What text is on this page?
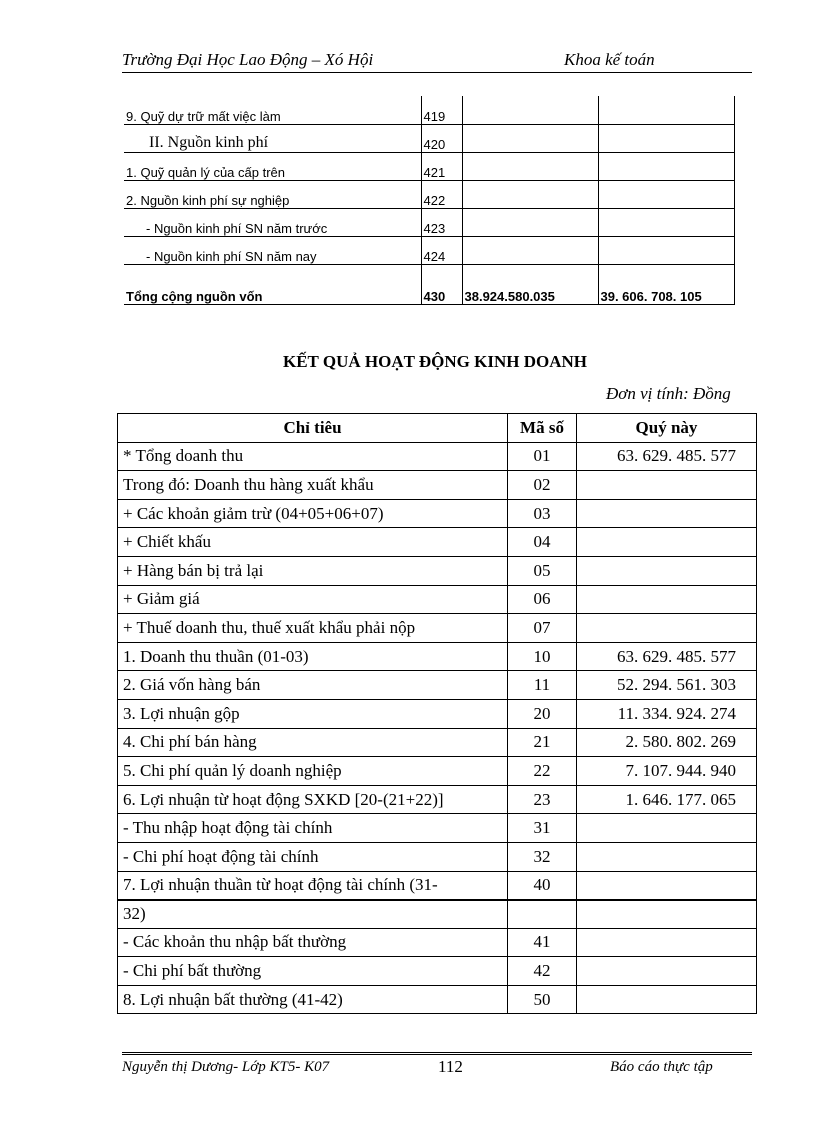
Trường Đại Học Lao Động – Xó Hội	Khoa kế toán
9. Quỹ dự trữ mất việc làm	419		
II. Nguồn kinh phí	420		
1. Quỹ quản lý của cấp trên	421		
2. Nguồn kinh phí sự nghiệp	422		
- Nguồn kinh phí SN năm trước	423		
- Nguồn kinh phí SN năm nay	424		
Tổng cộng nguồn vốn	430	38.924.580.035	39. 606. 708. 105
KẾT QUẢ HOẠT ĐỘNG KINH DOANH
Đơn vị tính: Đồng
Chỉ tiêu	Mã số	Quý này
* Tổng doanh thu	01	63. 629. 485. 577
Trong đó: Doanh thu hàng xuất khẩu	02	
+ Các khoản giảm trừ (04+05+06+07)	03	
+ Chiết khấu	04	
+ Hàng bán bị trả lại	05	
+ Giảm giá	06	
+ Thuế doanh thu, thuế xuất khẩu phải nộp	07	
1. Doanh thu thuần (01-03)	10	63. 629. 485. 577
2. Giá vốn hàng bán	11	52. 294. 561. 303
3. Lợi nhuận gộp	20	11. 334. 924. 274
4. Chi phí bán hàng	21	2. 580. 802. 269
5. Chi phí quản lý doanh nghiệp	22	7. 107. 944. 940
6. Lợi nhuận từ hoạt động SXKD [20-(21+22)]	23	1. 646. 177. 065
- Thu nhập hoạt động tài chính	31	
- Chi phí hoạt động tài chính	32	
7. Lợi nhuận thuần từ hoạt động tài chính (31-	40	
32)		
- Các khoản thu nhập bất thường	41	
- Chi phí bất thường	42	
8. Lợi nhuận bất thường (41-42)	50	
Nguyễn thị Dương- Lớp KT5- K07	112	Báo cáo thực tập
